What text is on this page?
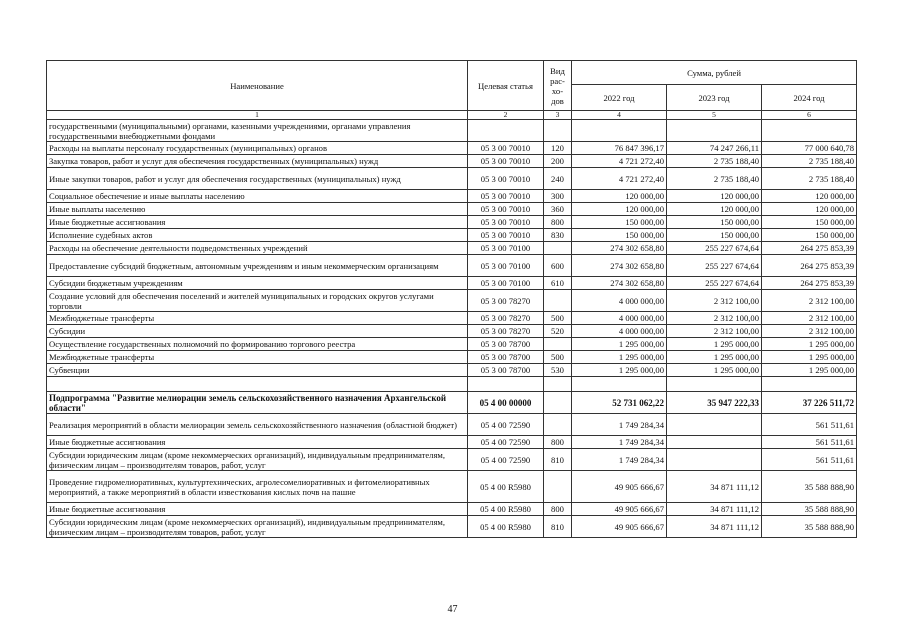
Наименование	Целевая статья	Вид рас-хо-дов	Сумма, рублей		
			2022 год	2023 год	2024 год
1	2	3	4	5	6
государственными (муниципальными) органами, казенными учреждениями, органами управления государственными внебюджетными фондами					
Расходы на выплаты персоналу государственных (муниципальных) органов	05 3 00 70010	120	76 847 396,17	74 247 266,11	77 000 640,78
Закупка товаров, работ и услуг для обеспечения государственных (муниципальных) нужд	05 3 00 70010	200	4 721 272,40	2 735 188,40	2 735 188,40
Иные закупки товаров, работ и услуг для обеспечения государственных (муниципальных) нужд	05 3 00 70010	240	4 721 272,40	2 735 188,40	2 735 188,40
Социальное обеспечение и иные выплаты населению	05 3 00 70010	300	120 000,00	120 000,00	120 000,00
Иные выплаты населению	05 3 00 70010	360	120 000,00	120 000,00	120 000,00
Иные бюджетные ассигнования	05 3 00 70010	800	150 000,00	150 000,00	150 000,00
Исполнение судебных актов	05 3 00 70010	830	150 000,00	150 000,00	150 000,00
Расходы на обеспечение деятельности подведомственных учреждений	05 3 00 70100		274 302 658,80	255 227 674,64	264 275 853,39
Предоставление субсидий бюджетным, автономным учреждениям и иным некоммерческим организациям	05 3 00 70100	600	274 302 658,80	255 227 674,64	264 275 853,39
Субсидии бюджетным учреждениям	05 3 00 70100	610	274 302 658,80	255 227 674,64	264 275 853,39
Создание условий для обеспечения поселений и жителей муниципальных и городских округов услугами торговли	05 3 00 78270		4 000 000,00	2 312 100,00	2 312 100,00
Межбюджетные трансферты	05 3 00 78270	500	4 000 000,00	2 312 100,00	2 312 100,00
Субсидии	05 3 00 78270	520	4 000 000,00	2 312 100,00	2 312 100,00
Осуществление государственных полномочий по формированию торгового реестра	05 3 00 78700		1 295 000,00	1 295 000,00	1 295 000,00
Межбюджетные трансферты	05 3 00 78700	500	1 295 000,00	1 295 000,00	1 295 000,00
Субвенции	05 3 00 78700	530	1 295 000,00	1 295 000,00	1 295 000,00

Подпрограмма "Развитие мелиорации земель сельскохозяйственного назначения Архангельской области"	05 4 00 00000		52 731 062,22	35 947 222,33	37 226 511,72
Реализация мероприятий в области мелиорации земель сельскохозяйственного назначения (областной бюджет)	05 4 00 72590		1 749 284,34		561 511,61
Иные бюджетные ассигнования	05 4 00 72590	800	1 749 284,34		561 511,61
Субсидии юридическим лицам (кроме некоммерческих организаций), индивидуальным предпринимателям, физическим лицам – производителям товаров, работ, услуг	05 4 00 72590	810	1 749 284,34		561 511,61
Проведение гидромелиоративных, культуртехнических, агролесомелиоративных и фитомелиоративных мероприятий, а также мероприятий в области известкования кислых почв на пашне	05 4 00 R5980		49 905 666,67	34 871 111,12	35 588 888,90
Иные бюджетные ассигнования	05 4 00 R5980	800	49 905 666,67	34 871 111,12	35 588 888,90
Субсидии юридическим лицам (кроме некоммерческих организаций), индивидуальным предпринимателям, физическим лицам – производителям товаров, работ, услуг	05 4 00 R5980	810	49 905 666,67	34 871 111,12	35 588 888,90
47
